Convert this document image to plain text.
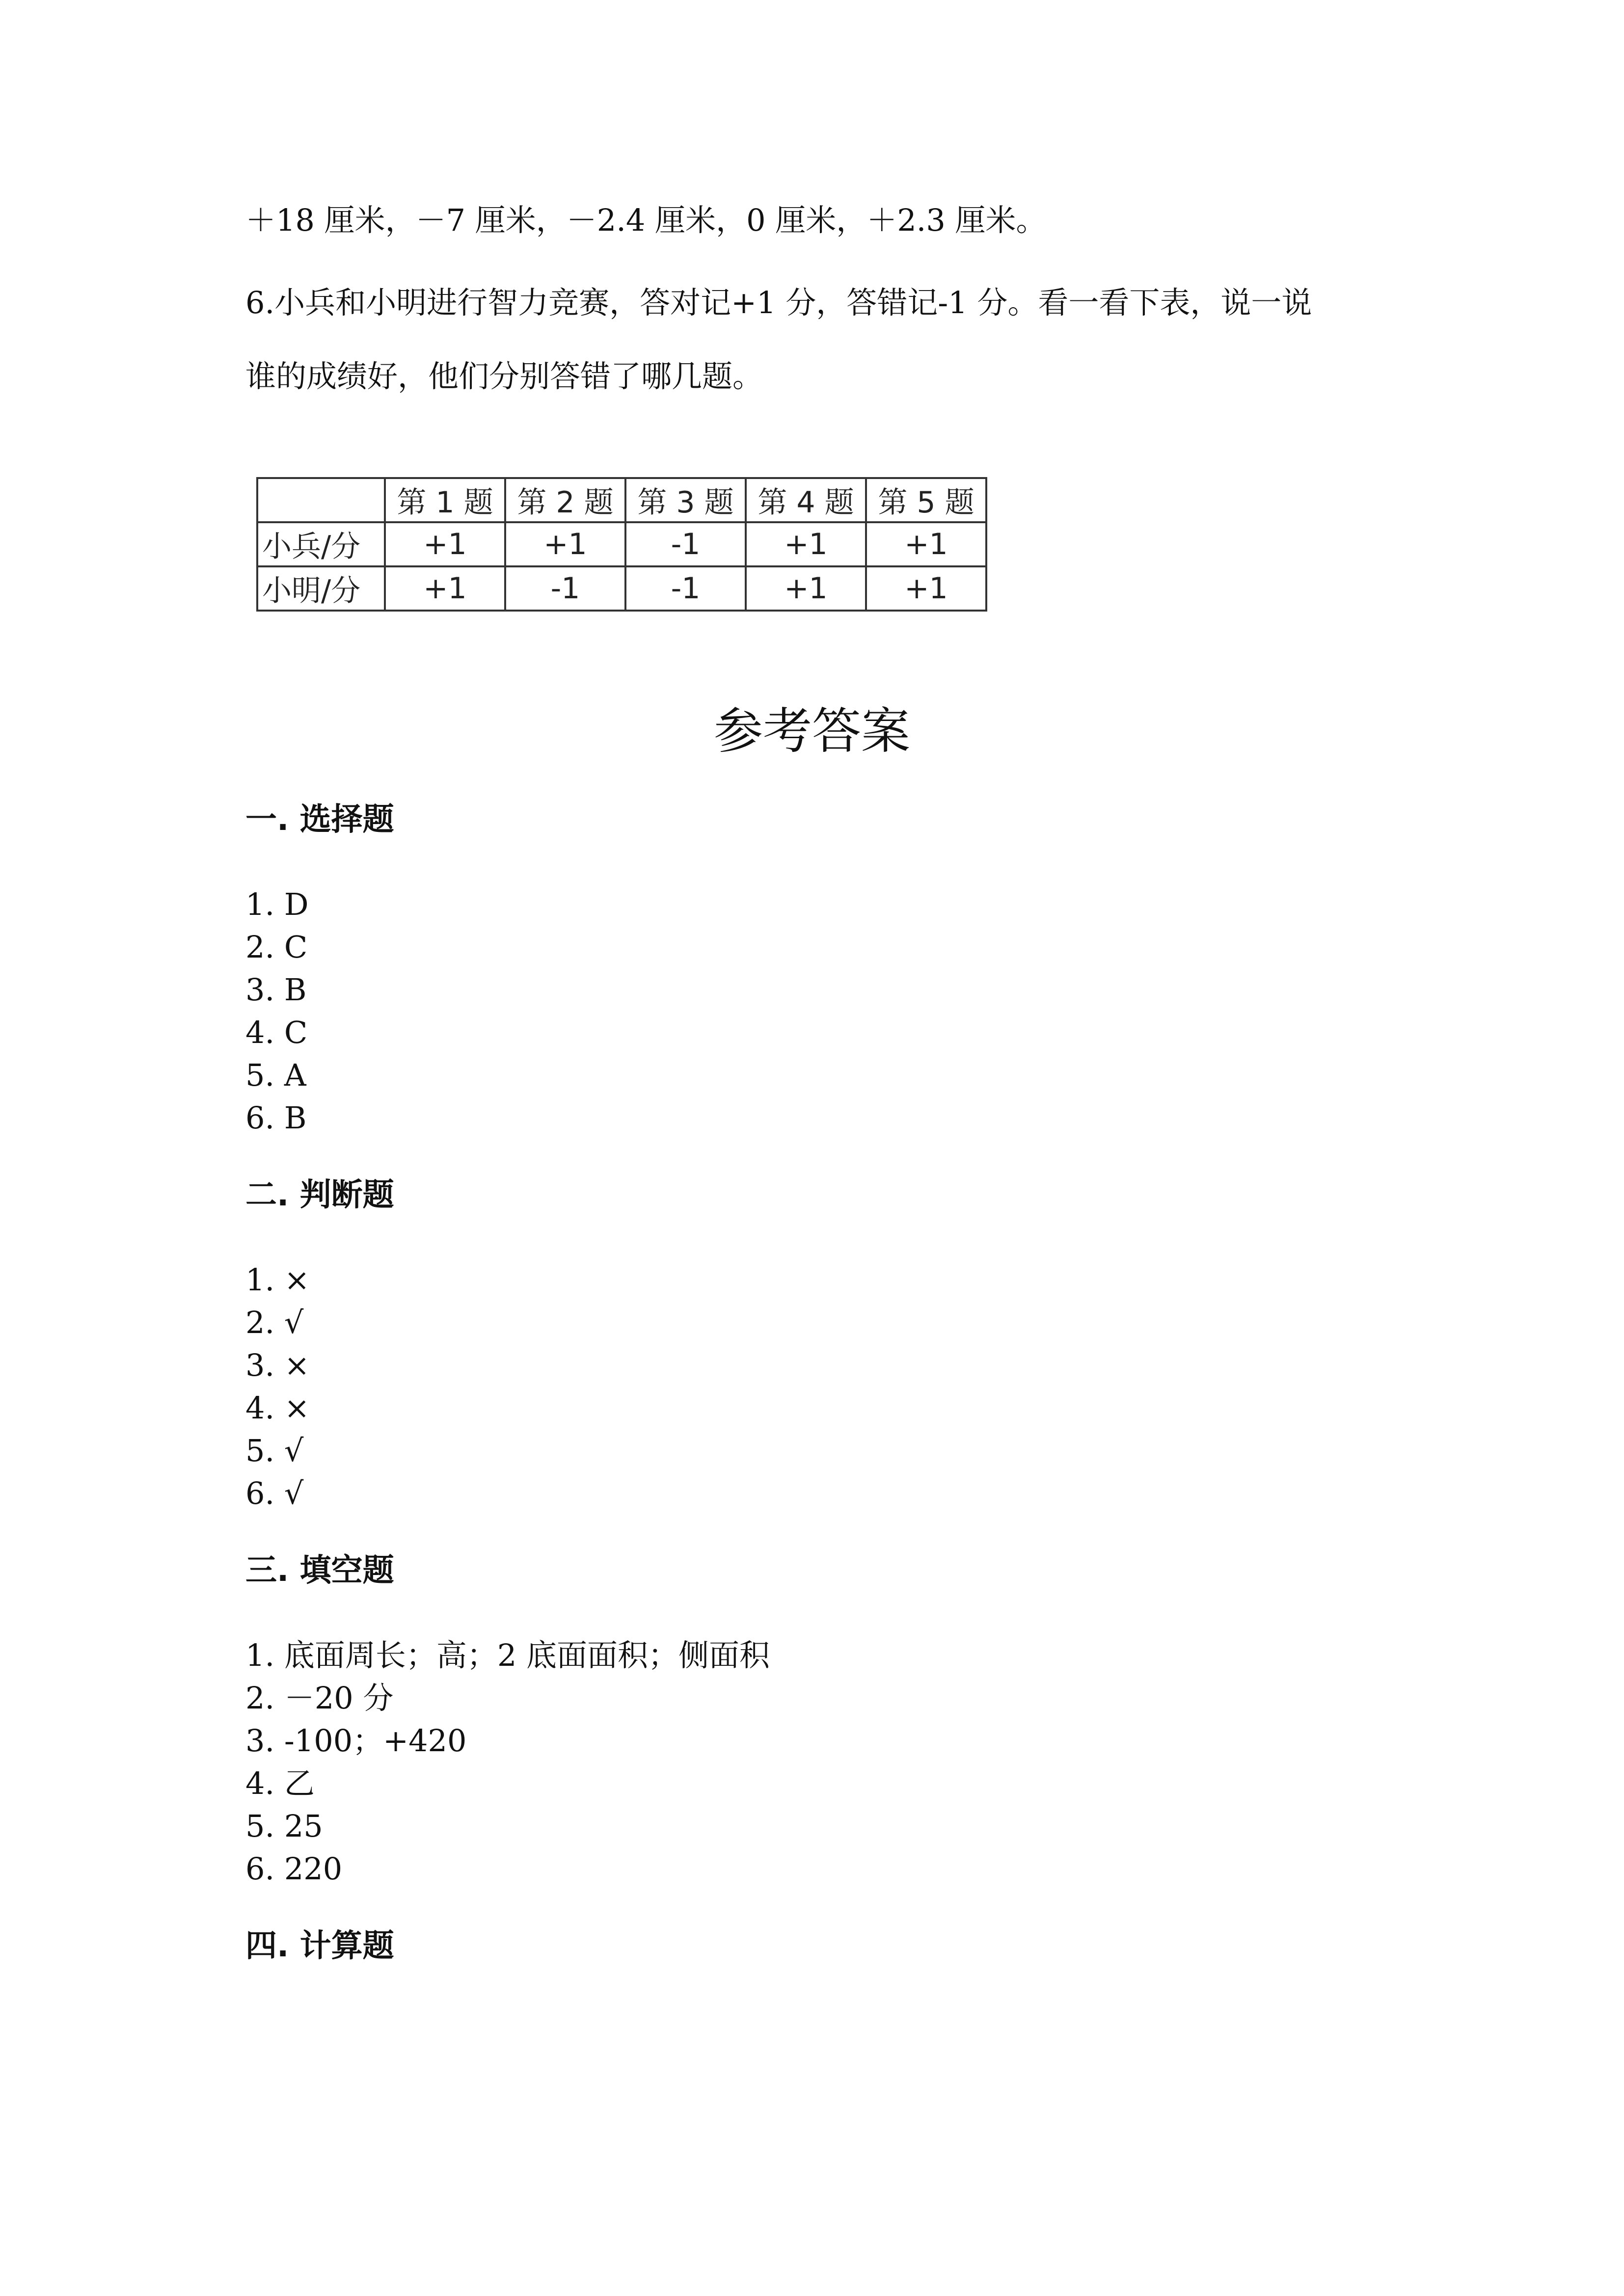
＋18 厘米，－7 厘米，－2.4 厘米，0 厘米，＋2.3 厘米。
6.小兵和小明进行智力竞赛，答对记+1 分，答错记-1 分。看一看下表，说一说
谁的成绩好，他们分别答错了哪几题。
	第 1 题	第 2 题	第 3 题	第 4 题	第 5 题
小兵/分	+1	+1	-1	+1	+1
小明/分	+1	-1	-1	+1	+1
参考答案
一. 选择题
1. D
2. C
3. B
4. C
5. A
6. B
二. 判断题
1. ×
2. √
3. ×
4. ×
5. √
6. √
三. 填空题
1. 底面周长；高；2 底面面积；侧面积
2. －20 分
3. -100；+420
4. 乙
5. 25
6. 220
四. 计算题
